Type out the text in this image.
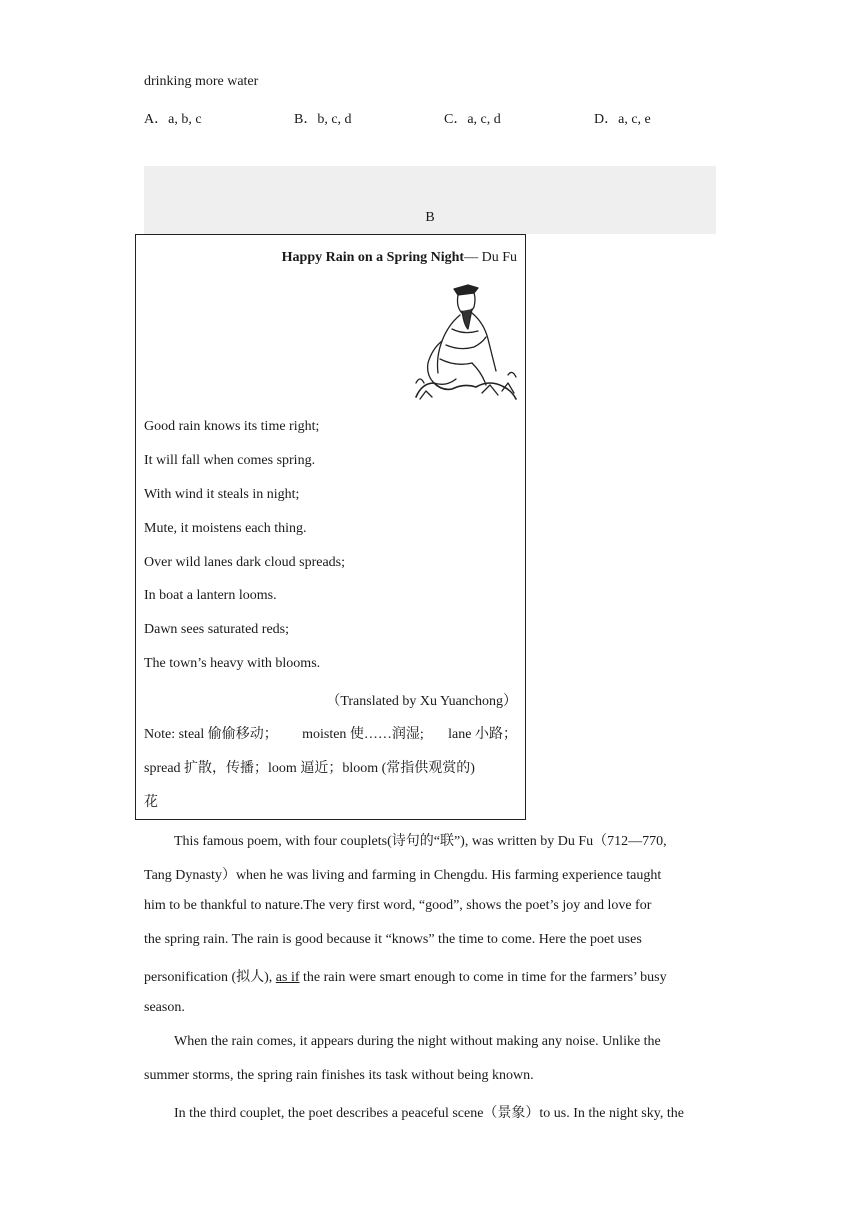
drinking more water
A．a, b, c	B．b, c, d	C．a, c, d	D．a, c, e
B
Happy Rain on a Spring Night— Du Fu
Good rain knows its time right;
It will fall when comes spring.
With wind it steals in night;
Mute, it moistens each thing.
Over wild lanes dark cloud spreads;
In boat a lantern looms.
Dawn sees saturated reds;
The town’s heavy with blooms.
（Translated by Xu Yuanchong）
Note: steal 偷偷移动； moisten 使……润湿; lane 小路；
spread 扩散，传播；loom 逼近；bloom (常指供观赏的)
花
This famous poem, with four couplets(诗句的“联”), was written by Du Fu（712—770,
Tang Dynasty）when he was living and farming in Chengdu. His farming experience taught
him to be thankful to nature.The very first word, “good”, shows the poet’s joy and love for
the spring rain. The rain is good because it “knows” the time to come. Here the poet uses
personification (拟人), as if the rain were smart enough to come in time for the farmers’ busy
season.
When the rain comes, it appears during the night without making any noise. Unlike the
summer storms, the spring rain finishes its task without being known.
In the third couplet, the poet describes a peaceful scene（景象）to us. In the night sky, the
